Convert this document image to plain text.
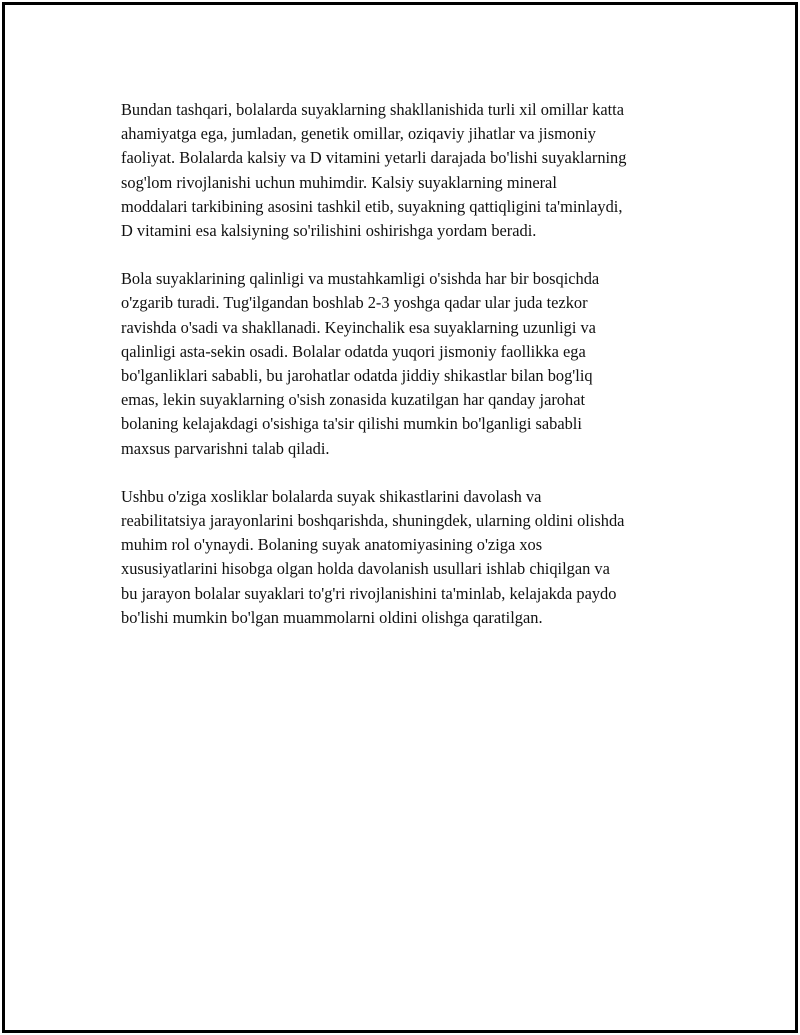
Bundan tashqari, bolalarda suyaklarning shakllanishida turli xil omillar katta
ahamiyatga ega, jumladan, genetik omillar, oziqaviy jihatlar va jismoniy
faoliyat. Bolalarda kalsiy va D vitamini yetarli darajada bo'lishi suyaklarning
sog'lom rivojlanishi uchun muhimdir. Kalsiy suyaklarning mineral
moddalari tarkibining asosini tashkil etib, suyakning qattiqligini ta'minlaydi,
D vitamini esa kalsiyning so'rilishini oshirishga yordam beradi.

Bola suyaklarining qalinligi va mustahkamligi o'sishda har bir bosqichda
o'zgarib turadi. Tug'ilgandan boshlab 2-3 yoshga qadar ular juda tezkor
ravishda o'sadi va shakllanadi. Keyinchalik esa suyaklarning uzunligi va
qalinligi asta-sekin osadi. Bolalar odatda yuqori jismoniy faollikka ega
bo'lganliklari sababli, bu jarohatlar odatda jiddiy shikastlar bilan bog'liq
emas, lekin suyaklarning o'sish zonasida kuzatilgan har qanday jarohat
bolaning kelajakdagi o'sishiga ta'sir qilishi mumkin bo'lganligi sababli
maxsus parvarishni talab qiladi.

Ushbu o'ziga xosliklar bolalarda suyak shikastlarini davolash va
reabilitatsiya jarayonlarini boshqarishda, shuningdek, ularning oldini olishda
muhim rol o'ynaydi. Bolaning suyak anatomiyasining o'ziga xos
xususiyatlarini hisobga olgan holda davolanish usullari ishlab chiqilgan va
bu jarayon bolalar suyaklari to'g'ri rivojlanishini ta'minlab, kelajakda paydo
bo'lishi mumkin bo'lgan muammolarni oldini olishga qaratilgan.
